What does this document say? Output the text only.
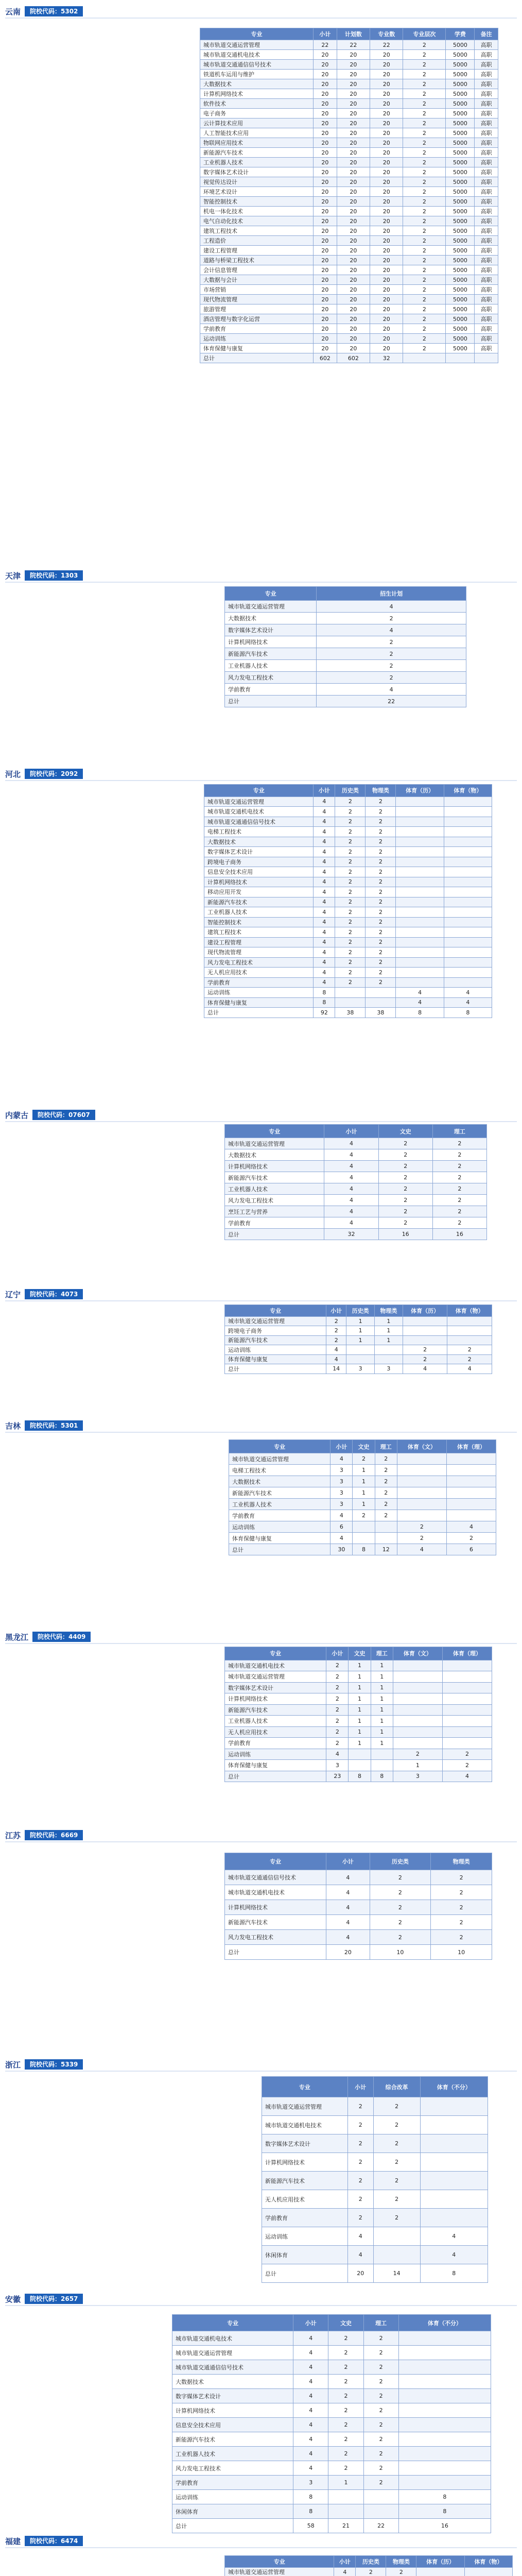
云南	院校代码：5302
专业	小计	计划数	专业数	专业层次	学费	备注
城市轨道交通运营管理	22	22	22	2	5000	高职
城市轨道交通机电技术	20	20	20	2	5000	高职
城市轨道交通通信信号技术	20	20	20	2	5000	高职
铁道机车运用与维护	20	20	20	2	5000	高职
大数据技术	20	20	20	2	5000	高职
计算机网络技术	20	20	20	2	5000	高职
软件技术	20	20	20	2	5000	高职
电子商务	20	20	20	2	5000	高职
云计算技术应用	20	20	20	2	5000	高职
人工智能技术应用	20	20	20	2	5000	高职
物联网应用技术	20	20	20	2	5000	高职
新能源汽车技术	20	20	20	2	5000	高职
工业机器人技术	20	20	20	2	5000	高职
数字媒体艺术设计	20	20	20	2	5000	高职
视觉传达设计	20	20	20	2	5000	高职
环境艺术设计	20	20	20	2	5000	高职
智能控制技术	20	20	20	2	5000	高职
机电一体化技术	20	20	20	2	5000	高职
电气自动化技术	20	20	20	2	5000	高职
建筑工程技术	20	20	20	2	5000	高职
工程造价	20	20	20	2	5000	高职
建设工程管理	20	20	20	2	5000	高职
道路与桥梁工程技术	20	20	20	2	5000	高职
会计信息管理	20	20	20	2	5000	高职
大数据与会计	20	20	20	2	5000	高职
市场营销	20	20	20	2	5000	高职
现代物流管理	20	20	20	2	5000	高职
旅游管理	20	20	20	2	5000	高职
酒店管理与数字化运营	20	20	20	2	5000	高职
学前教育	20	20	20	2	5000	高职
运动训练	20	20	20	2	5000	高职
体育保健与康复	20	20	20	2	5000	高职
总计	602	602	32			
天津	院校代码：1303
专业	招生计划
城市轨道交通运营管理	4
大数据技术	2
数字媒体艺术设计	4
计算机网络技术	2
新能源汽车技术	2
工业机器人技术	2
风力发电工程技术	2
学前教育	4
总计	22
河北	院校代码：2092
专业	小计	历史类	物理类	体育（历）	体育（物）
城市轨道交通运营管理	4	2	2		
城市轨道交通机电技术	4	2	2		
城市轨道交通通信信号技术	4	2	2		
电梯工程技术	4	2	2		
大数据技术	4	2	2		
数字媒体艺术设计	4	2	2		
跨境电子商务	4	2	2		
信息安全技术应用	4	2	2		
计算机网络技术	4	2	2		
移动应用开发	4	2	2		
新能源汽车技术	4	2	2		
工业机器人技术	4	2	2		
智能控制技术	4	2	2		
建筑工程技术	4	2	2		
建设工程管理	4	2	2		
现代物流管理	4	2	2		
风力发电工程技术	4	2	2		
无人机应用技术	4	2	2		
学前教育	4	2	2		
运动训练	8			4	4
体育保健与康复	8			4	4
总计	92	38	38	8	8
内蒙古	院校代码：07607
专业	小计	文史	理工
城市轨道交通运营管理	4	2	2
大数据技术	4	2	2
计算机网络技术	4	2	2
新能源汽车技术	4	2	2
工业机器人技术	4	2	2
风力发电工程技术	4	2	2
烹饪工艺与营养	4	2	2
学前教育	4	2	2
总计	32	16	16
辽宁	院校代码：4073
专业	小计	历史类	物理类	体育（历）	体育（物）
城市轨道交通运营管理	2	1	1		
跨境电子商务	2	1	1		
新能源汽车技术	2	1	1		
运动训练	4			2	2
体育保健与康复	4			2	2
总计	14	3	3	4	4
吉林	院校代码：5301
专业	小计	文史	理工	体育（文）	体育（理）
城市轨道交通运营管理	4	2	2		
电梯工程技术	3	1	2		
大数据技术	3	1	2		
新能源汽车技术	3	1	2		
工业机器人技术	3	1	2		
学前教育	4	2	2		
运动训练	6			2	4
体育保健与康复	4			2	2
总计	30	8	12	4	6
黑龙江	院校代码：4409
专业	小计	文史	理工	体育（文）	体育（理）
城市轨道交通机电技术	2	1	1		
城市轨道交通运营管理	2	1	1		
数字媒体艺术设计	2	1	1		
计算机网络技术	2	1	1		
新能源汽车技术	2	1	1		
工业机器人技术	2	1	1		
无人机应用技术	2	1	1		
学前教育	2	1	1		
运动训练	4			2	2
体育保健与康复	3			1	2
总计	23	8	8	3	4
江苏	院校代码：6669
专业	小计	历史类	物理类
城市轨道交通通信信号技术	4	2	2
城市轨道交通机电技术	4	2	2
计算机网络技术	4	2	2
新能源汽车技术	4	2	2
风力发电工程技术	4	2	2
总计	20	10	10
浙江	院校代码：5339
专业	小计	综合改革	体育（不分）
城市轨道交通运营管理	2	2	
城市轨道交通机电技术	2	2	
数字媒体艺术设计	2	2	
计算机网络技术	2	2	
新能源汽车技术	2	2	
无人机应用技术	2	2	
学前教育	2	2	
运动训练	4		4
休闲体育	4		4
总计	20	14	8
安徽	院校代码：2657
专业	小计	文史	理工	体育（不分）
城市轨道交通机电技术	4	2	2	
城市轨道交通运营管理	4	2	2	
城市轨道交通通信信号技术	4	2	2	
大数据技术	4	2	2	
数字媒体艺术设计	4	2	2	
计算机网络技术	4	2	2	
信息安全技术应用	4	2	2	
新能源汽车技术	4	2	2	
工业机器人技术	4	2	2	
风力发电工程技术	4	2	2	
学前教育	3	1	2	
运动训练	8			8
休闲体育	8			8
总计	58	21	22	16
福建	院校代码：6474
专业	小计	历史类	物理类	体育（历）	体育（物）
城市轨道交通运营管理	4	2	2		
